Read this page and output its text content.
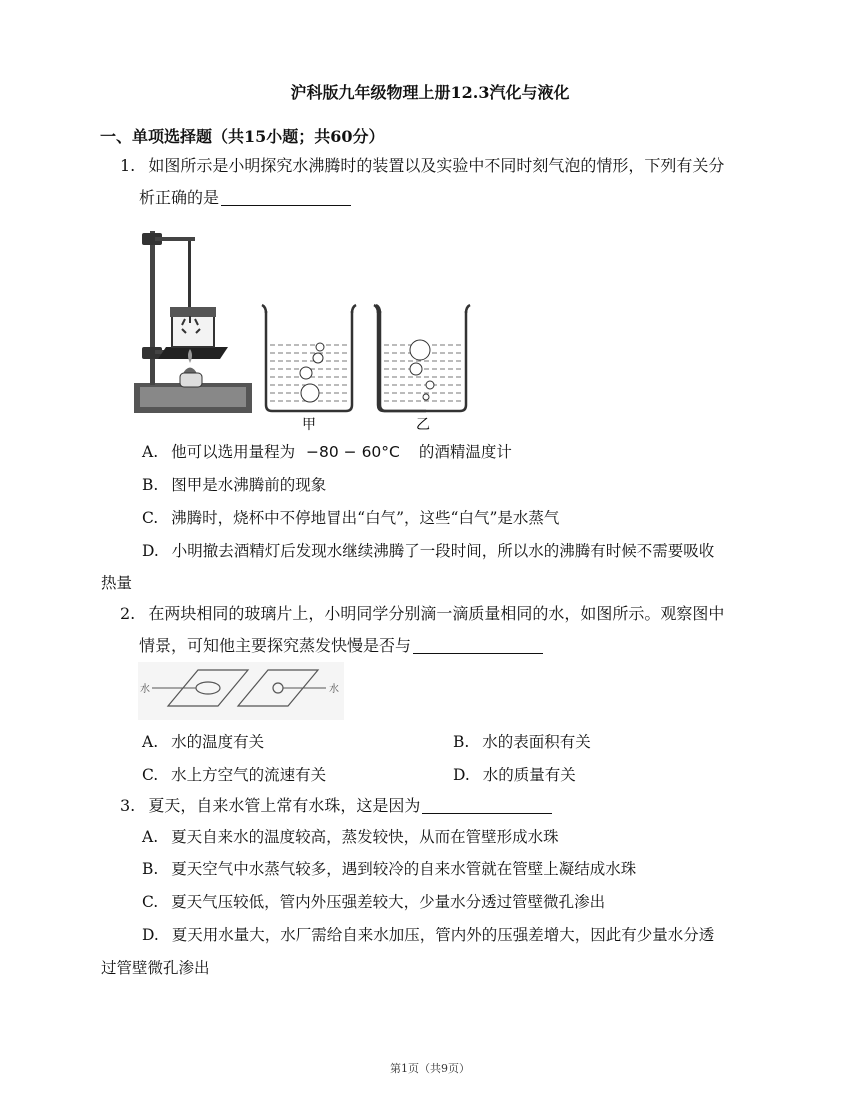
沪科版九年级物理上册12.3汽化与液化
一、单项选择题（共15小题；共60分）
1. 如图所示是小明探究水沸腾时的装置以及实验中不同时刻气泡的情形，下列有关分
析正确的是
甲	乙
A. 他可以选用量程为 −80 − 60°C 的酒精温度计
B. 图甲是水沸腾前的现象
C. 沸腾时，烧杯中不停地冒出“白气”，这些“白气”是水蒸气
D. 小明撤去酒精灯后发现水继续沸腾了一段时间，所以水的沸腾有时候不需要吸收
热量
2. 在两块相同的玻璃片上，小明同学分别滴一滴质量相同的水，如图所示。观察图中
情景，可知他主要探究蒸发快慢是否与
水	水
A. 水的温度有关	B. 水的表面积有关
C. 水上方空气的流速有关	D. 水的质量有关
3. 夏天，自来水管上常有水珠，这是因为
A. 夏天自来水的温度较高，蒸发较快，从而在管壁形成水珠
B. 夏天空气中水蒸气较多，遇到较冷的自来水管就在管壁上凝结成水珠
C. 夏天气压较低，管内外压强差较大，少量水分透过管壁微孔渗出
D. 夏天用水量大，水厂需给自来水加压，管内外的压强差增大，因此有少量水分透
过管壁微孔渗出
第1页（共9页）
